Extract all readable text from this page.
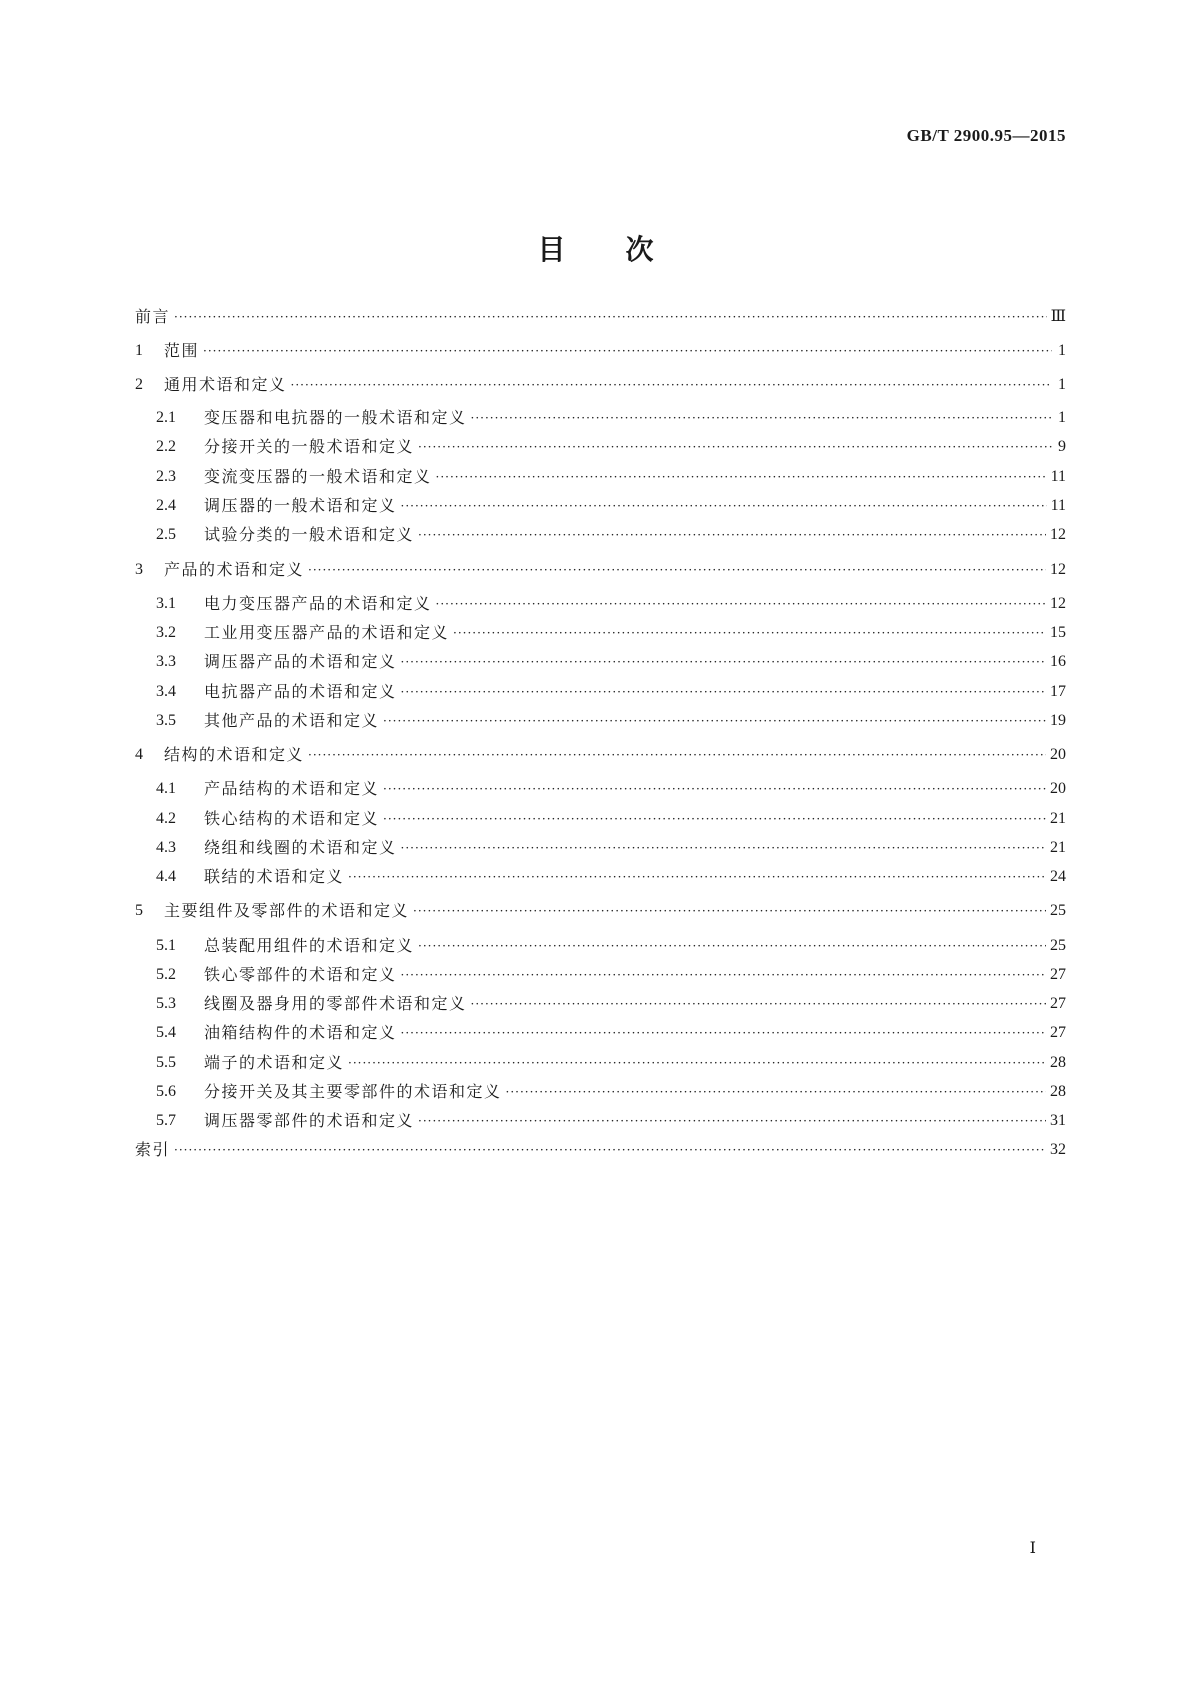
GB/T 2900.95—2015
目次
前言 ·····	Ⅲ
1	范围 ·····	1
2	通用术语和定义 ·····	1
2.1	变压器和电抗器的一般术语和定义 ·····	1
2.2	分接开关的一般术语和定义 ·····	9
2.3	变流变压器的一般术语和定义 ·····	11
2.4	调压器的一般术语和定义 ·····	11
2.5	试验分类的一般术语和定义 ·····	12
3	产品的术语和定义 ·····	12
3.1	电力变压器产品的术语和定义 ·····	12
3.2	工业用变压器产品的术语和定义 ·····	15
3.3	调压器产品的术语和定义 ·····	16
3.4	电抗器产品的术语和定义 ·····	17
3.5	其他产品的术语和定义 ·····	19
4	结构的术语和定义 ·····	20
4.1	产品结构的术语和定义 ·····	20
4.2	铁心结构的术语和定义 ·····	21
4.3	绕组和线圈的术语和定义 ·····	21
4.4	联结的术语和定义 ·····	24
5	主要组件及零部件的术语和定义 ·····	25
5.1	总装配用组件的术语和定义 ·····	25
5.2	铁心零部件的术语和定义 ·····	27
5.3	线圈及器身用的零部件术语和定义 ·····	27
5.4	油箱结构件的术语和定义 ·····	27
5.5	端子的术语和定义 ·····	28
5.6	分接开关及其主要零部件的术语和定义 ·····	28
5.7	调压器零部件的术语和定义 ·····	31
索引 ·····	32
Ⅰ
